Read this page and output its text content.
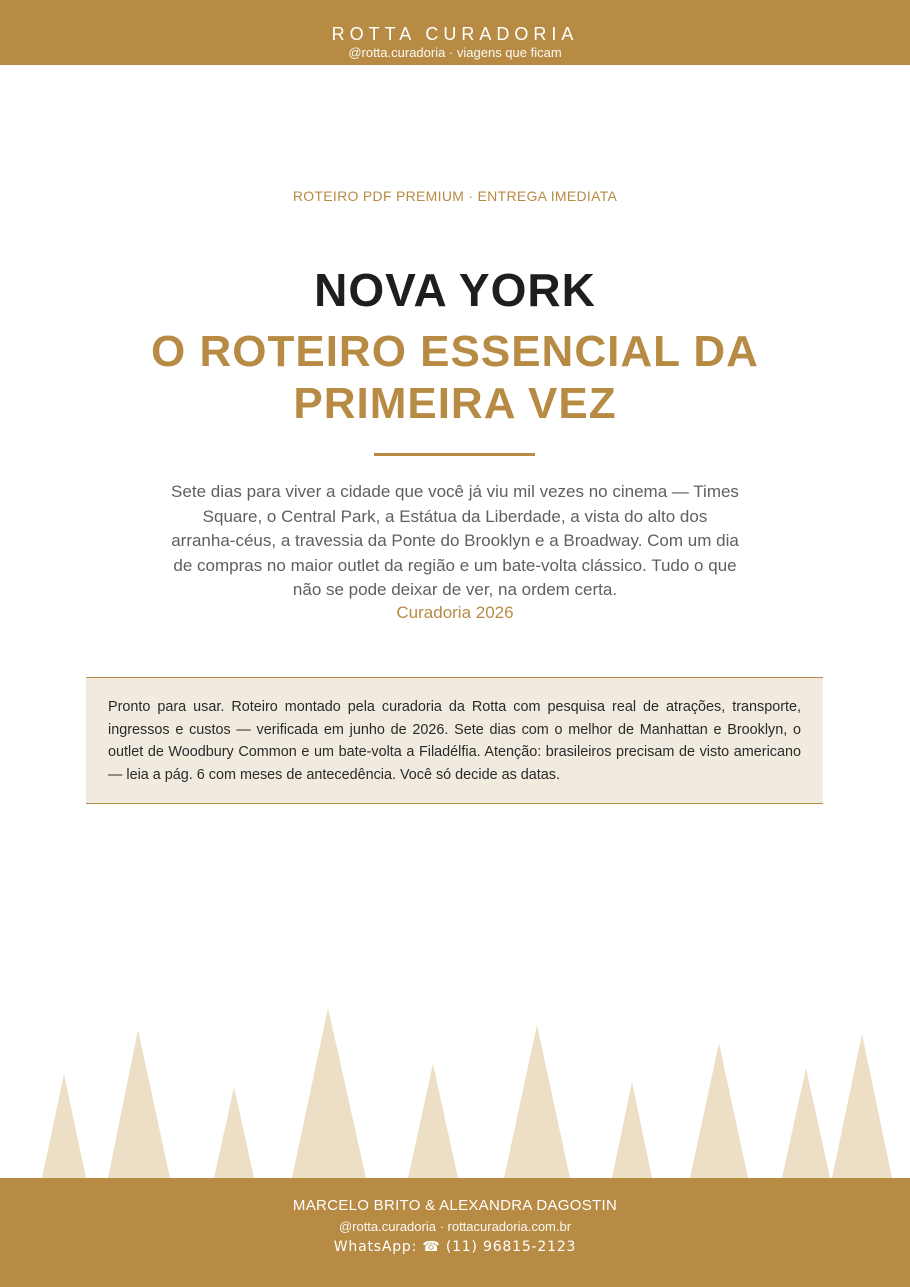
ROTTA CURADORIA
@rotta.curadoria · viagens que ficam
ROTEIRO PDF PREMIUM · ENTREGA IMEDIATA
NOVA YORK
O ROTEIRO ESSENCIAL DA PRIMEIRA VEZ

Sete dias para viver a cidade que você já viu mil vezes no cinema — Times Square, o Central Park, a Estátua da Liberdade, a vista do alto dos arranha-céus, a travessia da Ponte do Brooklyn e a Broadway. Com um dia de compras no maior outlet da região e um bate-volta clássico. Tudo o que não se pode deixar de ver, na ordem certa.

Curadoria 2026

Pronto para usar. Roteiro montado pela curadoria da Rotta com pesquisa real de atrações, transporte, ingressos e custos — verificada em junho de 2026. Sete dias com o melhor de Manhattan e Brooklyn, o outlet de Woodbury Common e um bate-volta a Filadélfia. Atenção: brasileiros precisam de visto americano — leia a pág. 6 com meses de antecedência. Você só decide as datas.

MARCELO BRITO & ALEXANDRA DAGOSTIN
@rotta.curadoria · rottacuradoria.com.br
WhatsApp: ☎ (11) 96815-2123
